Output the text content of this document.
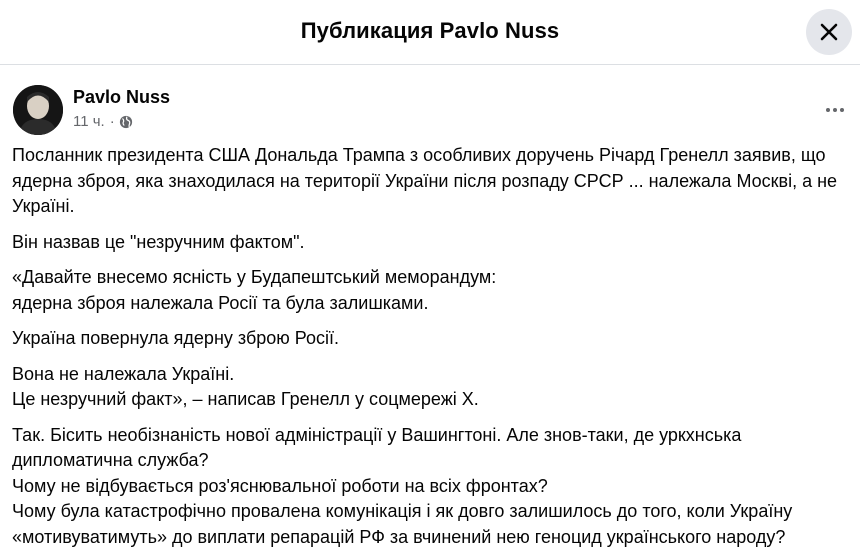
Публикация Pavlo Nuss
Pavlo Nuss
11 ч. ·
Посланник президента США Дональда Трампа з особливих доручень Річард Гренелл заявив, що ядерна зброя, яка знаходилася на території України після розпаду СРСР ... належала Москві, а не Україні.
Він назвав це "незручним фактом".
«Давайте внесемо ясність у Будапештський меморандум:
ядерна зброя належала Росії та була залишками.
Україна повернула ядерну зброю Росії.
Вона не належала Україні.
Це незручний факт», – написав Гренелл у соцмережі Х.
Так. Бісить необізнаність нової адміністрації у Вашингтоні. Але знов-таки, де уркхнська дипломатична служба?
Чому не відбувається роз'яснювальної роботи на всіх фронтах?
Чому була катастрофічно провалена комунікація і як довго залишилось до того, коли Україну «мотивуватимуть» до виплати репарацій РФ за вчинений нею геноцид українського народу?
